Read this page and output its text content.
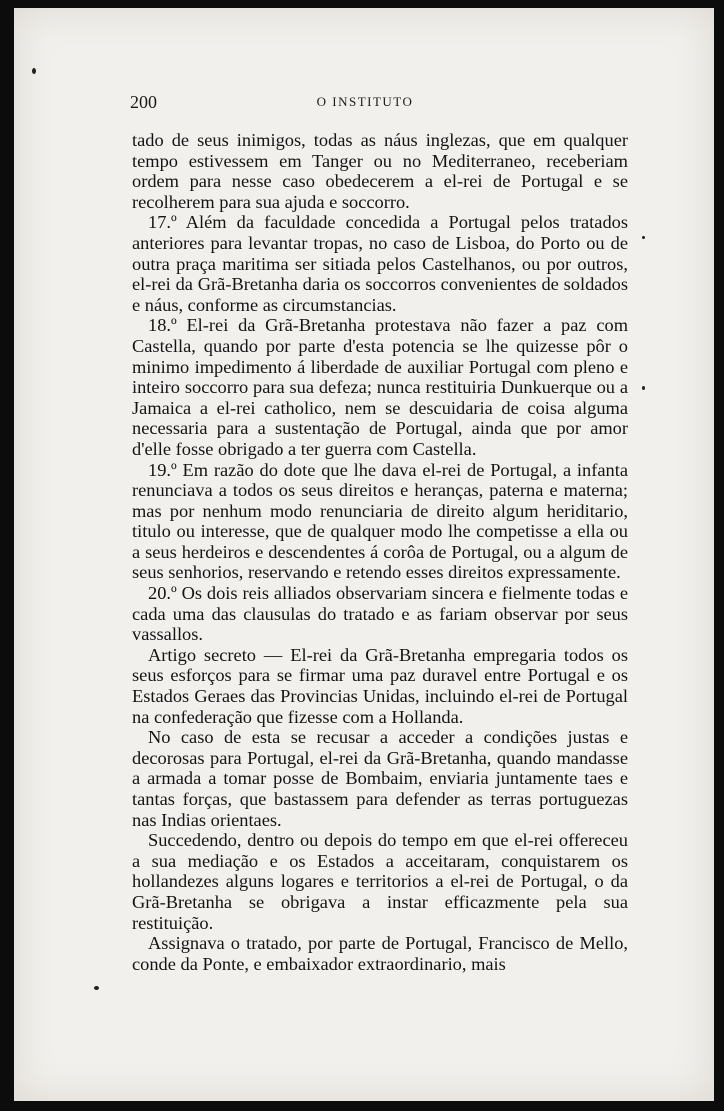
200	O INSTITUTO

tado de seus inimigos, todas as náus inglezas, que em qualquer tempo estivessem em Tanger ou no Mediterraneo, receberiam ordem para nesse caso obedecerem a el-rei de Portugal e se recolherem para sua ajuda e soccorro.

17.º Além da faculdade concedida a Portugal pelos tratados anteriores para levantar tropas, no caso de Lisboa, do Porto ou de outra praça maritima ser sitiada pelos Castelhanos, ou por outros, el-rei da Grã-Bretanha daria os soccorros convenientes de soldados e náus, conforme as circumstancias.

18.º El-rei da Grã-Bretanha protestava não fazer a paz com Castella, quando por parte d'esta potencia se lhe quizesse pôr o minimo impedimento á liberdade de auxiliar Portugal com pleno e inteiro soccorro para sua defeza; nunca restituiria Dunkuerque ou a Jamaica a el-rei catholico, nem se descuidaria de coisa alguma necessaria para a sustentação de Portugal, ainda que por amor d'elle fosse obrigado a ter guerra com Castella.

19.º Em razão do dote que lhe dava el-rei de Portugal, a infanta renunciava a todos os seus direitos e heranças, paterna e materna; mas por nenhum modo renunciaria de direito algum heriditario, titulo ou interesse, que de qualquer modo lhe competisse a ella ou a seus herdeiros e descendentes á corôa de Portugal, ou a algum de seus senhorios, reservando e retendo esses direitos expressamente.

20.º Os dois reis alliados observariam sincera e fielmente todas e cada uma das clausulas do tratado e as fariam observar por seus vassallos.

Artigo secreto — El-rei da Grã-Bretanha empregaria todos os seus esforços para se firmar uma paz duravel entre Portugal e os Estados Geraes das Provincias Unidas, incluindo el-rei de Portugal na confederação que fizesse com a Hollanda.

No caso de esta se recusar a acceder a condições justas e decorosas para Portugal, el-rei da Grã-Bretanha, quando mandasse a armada a tomar posse de Bombaim, enviaria juntamente taes e tantas forças, que bastassem para defender as terras portuguezas nas Indias orientaes.

Succedendo, dentro ou depois do tempo em que el-rei offereceu a sua mediação e os Estados a acceitaram, conquistarem os hollandezes alguns logares e territorios a el-rei de Portugal, o da Grã-Bretanha se obrigava a instar efficazmente pela sua restituição.

Assignava o tratado, por parte de Portugal, Francisco de Mello, conde da Ponte, e embaixador extraordinario, mais
